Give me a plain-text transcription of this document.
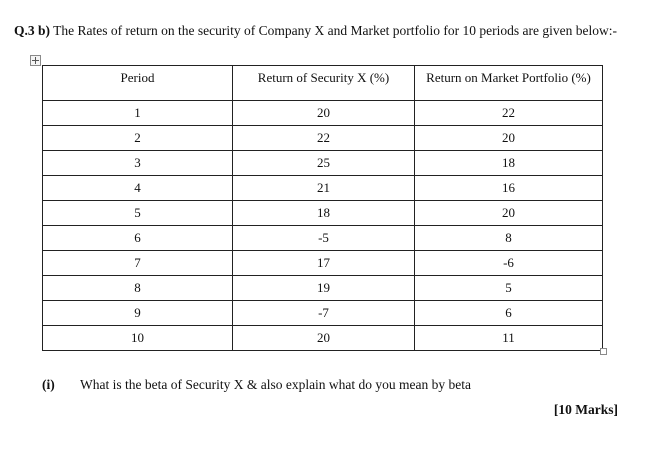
Q.3 b) The Rates of return on the security of Company X and Market portfolio for 10 periods are given below:-
Period	Return of Security X (%)	Return on Market Portfolio (%)
1	20	22
2	22	20
3	25	18
4	21	16
5	18	20
6	-5	8
7	17	-6
8	19	5
9	-7	6
10	20	11
(i) What is the beta of Security X & also explain what do you mean by beta
[10 Marks]
